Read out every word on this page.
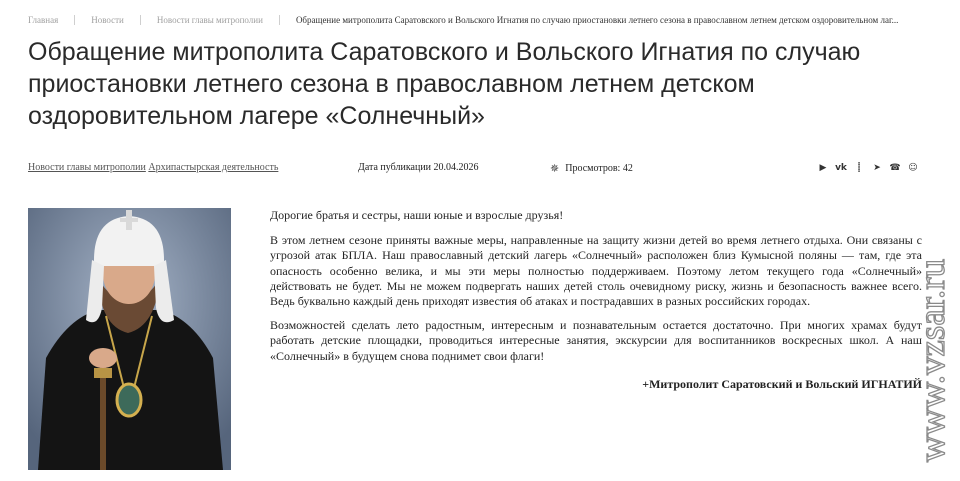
Главная	Новости	Новости главы митрополии	Обращение митрополита Саратовского и Вольского Игнатия по случаю приостановки летнего сезона в православном летнем детском оздоровительном лаг...
Обращение митрополита Саратовского и Вольского Игнатия по случаю приостановки летнего сезона в православном летнем детском оздоровительном лагере «Солнечный»
Новости главы митрополии Архипастырская деятельность	Дата публикации 20.04.2026	✵ Просмотров: 42	▶ vk	⸽	➤ ☎ ☺

Дорогие братья и сестры, наши юные и взрослые друзья!

В этом летнем сезоне приняты важные меры, направленные на защиту жизни детей во время летнего отдыха. Они связаны с угрозой атак БПЛА. Наш православный детский лагерь «Солнечный» расположен близ Кумысной поляны — там, где эта опасность особенно велика, и мы эти меры полностью поддерживаем. Поэтому летом текущего года «Солнечный» действовать не будет. Мы не можем подвергать наших детей столь очевидному риску, жизнь и безопасность важнее всего. Ведь буквально каждый день приходят известия об атаках и пострадавших в разных российских городах.

Возможностей сделать лето радостным, интересным и познавательным остается достаточно. При многих храмах будут работать детские площадки, проводиться интересные занятия, экскурсии для воспитанников воскресных школ. А наш «Солнечный» в будущем снова поднимет свои флаги!

+Митрополит Саратовский и Вольский ИГНАТИЙ

www.vzsar.ru
